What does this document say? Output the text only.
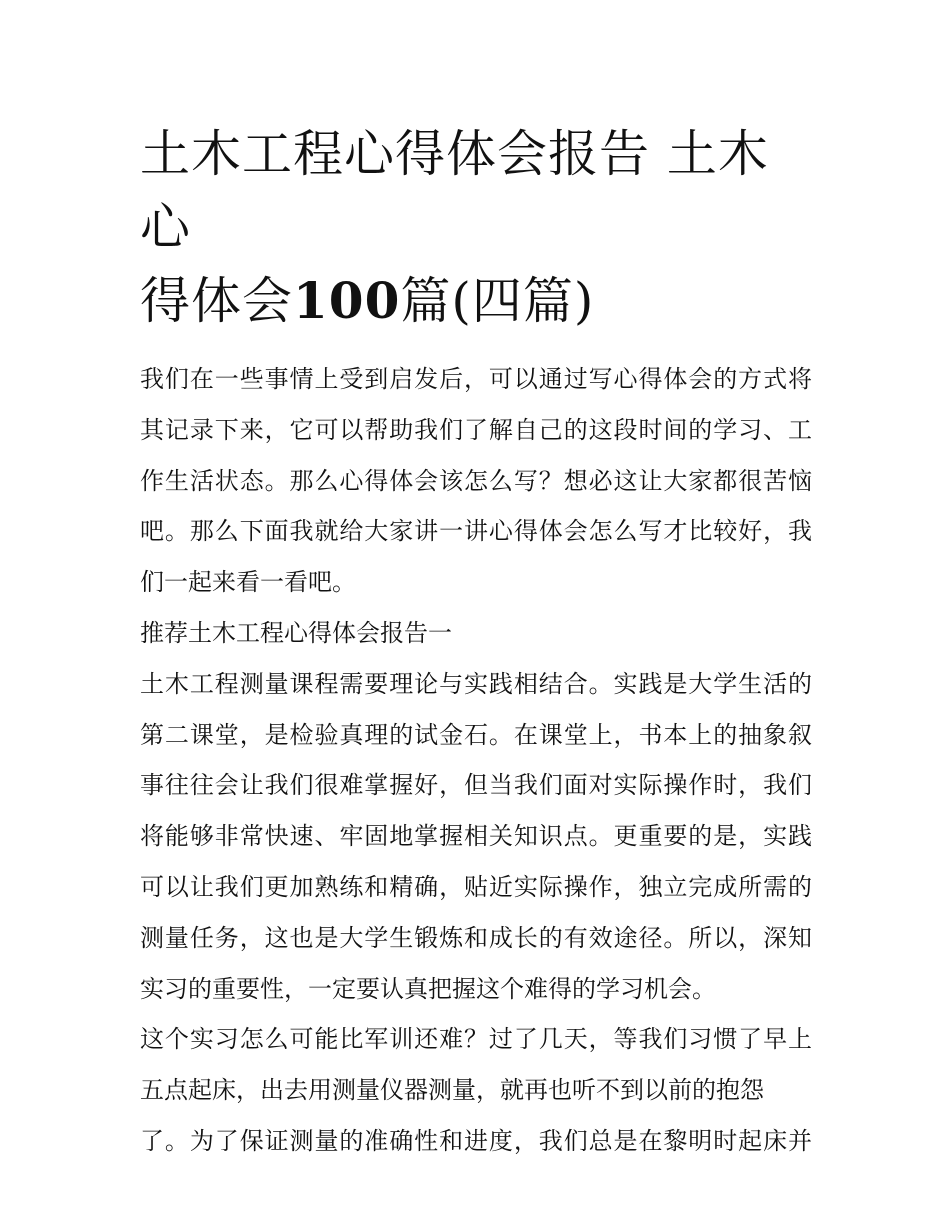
土木工程心得体会报告 土木心
得体会100篇(四篇)

我们在一些事情上受到启发后，可以通过写心得体会的方式将

其记录下来，它可以帮助我们了解自己的这段时间的学习、工

作生活状态。那么心得体会该怎么写？想必这让大家都很苦恼

吧。那么下面我就给大家讲一讲心得体会怎么写才比较好，我

们一起来看一看吧。

推荐土木工程心得体会报告一

土木工程测量课程需要理论与实践相结合。实践是大学生活的

第二课堂，是检验真理的试金石。在课堂上，书本上的抽象叙

事往往会让我们很难掌握好，但当我们面对实际操作时，我们

将能够非常快速、牢固地掌握相关知识点。更重要的是，实践

可以让我们更加熟练和精确，贴近实际操作，独立完成所需的

测量任务，这也是大学生锻炼和成长的有效途径。所以，深知

实习的重要性，一定要认真把握这个难得的学习机会。

这个实习怎么可能比军训还难？过了几天，等我们习惯了早上

五点起床，出去用测量仪器测量，就再也听不到以前的抱怨

了。为了保证测量的准确性和进度，我们总是在黎明时起床并
